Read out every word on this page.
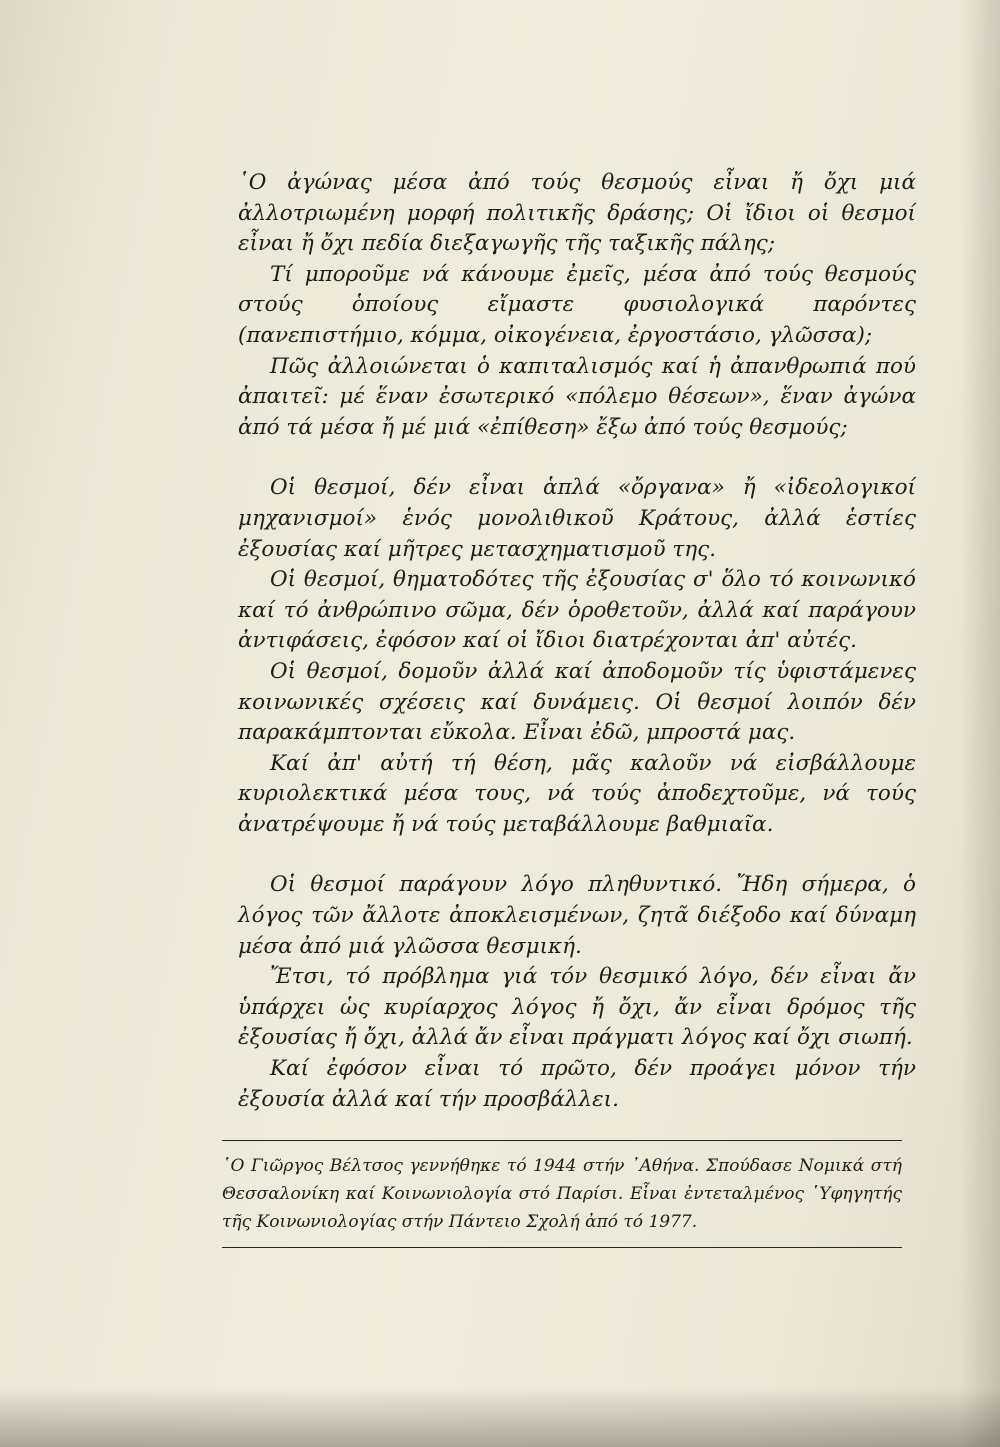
῾Ο ἀγώνας μέσα ἀπό τούς θεσμούς εἶναι ἤ ὄχι μιά ἀλλοτριωμένη μορφή πολιτικῆς δράσης; Οἱ ἴδιοι οἱ θεσμοί εἶναι ἤ ὄχι πεδία διεξαγωγῆς τῆς ταξικῆς πάλης;

Τί μποροῦμε νά κάνουμε ἐμεῖς, μέσα ἀπό τούς θεσμούς στούς ὁποίους εἴμαστε φυσιολογικά παρόντες (πανεπιστήμιο, κόμμα, οἰκογένεια, ἐργοστάσιο, γλῶσσα);

Πῶς ἀλλοιώνεται ὁ καπιταλισμός καί ἡ ἀπανθρωπιά πού ἀπαιτεῖ: μέ ἕναν ἐσωτερικό «πόλεμο θέσεων», ἕναν ἀγώνα ἀπό τά μέσα ἤ μέ μιά «ἐπίθεση» ἔξω ἀπό τούς θεσμούς;

Οἱ θεσμοί, δέν εἶναι ἁπλά «ὄργανα» ἤ «ἰδεολογικοί μηχανισμοί» ἑνός μονολιθικοῦ Κράτους, ἀλλά ἑστίες ἐξουσίας καί μῆτρες μετασχηματισμοῦ της.

Οἱ θεσμοί, θηματοδότες τῆς ἐξουσίας σ' ὅλο τό κοινωνικό καί τό ἀνθρώπινο σῶμα, δέν ὁροθετοῦν, ἀλλά καί παράγουν ἀντιφάσεις, ἐφόσον καί οἱ ἴδιοι διατρέχονται ἀπ' αὐτές.

Οἱ θεσμοί, δομοῦν ἀλλά καί ἀποδομοῦν τίς ὑφιστάμενες κοινωνικές σχέσεις καί δυνάμεις. Οἱ θεσμοί λοιπόν δέν παρακάμπτονται εὔκολα. Εἶναι ἐδῶ, μπροστά μας.

Καί ἀπ' αὐτή τή θέση, μᾶς καλοῦν νά εἰσβάλλουμε κυριολεκτικά μέσα τους, νά τούς ἀποδεχτοῦμε, νά τούς ἀνατρέψουμε ἤ νά τούς μεταβάλλουμε βαθμιαῖα.

Οἱ θεσμοί παράγουν λόγο πληθυντικό. Ἤδη σήμερα, ὁ λόγος τῶν ἄλλοτε ἀποκλεισμένων, ζητᾶ διέξοδο καί δύναμη μέσα ἀπό μιά γλῶσσα θεσμική.

Ἔτσι, τό πρόβλημα γιά τόν θεσμικό λόγο, δέν εἶναι ἄν ὑπάρχει ὡς κυρίαρχος λόγος ἤ ὄχι, ἄν εἶναι δρόμος τῆς ἐξουσίας ἤ ὄχι, ἀλλά ἄν εἶναι πράγματι λόγος καί ὄχι σιωπή.

Καί ἐφόσον εἶναι τό πρῶτο, δέν προάγει μόνον τήν ἐξουσία ἀλλά καί τήν προσβάλλει.

῾Ο Γιῶργος Βέλτσος γεννήθηκε τό 1944 στήν ᾿Αθήνα. Σπούδασε Νομικά στή Θεσσαλονίκη καί Κοινωνιολογία στό Παρίσι. Εἶναι ἐντεταλμένος ῾Υφηγητής τῆς Κοινωνιολογίας στήν Πάντειο Σχολή ἀπό τό 1977.
